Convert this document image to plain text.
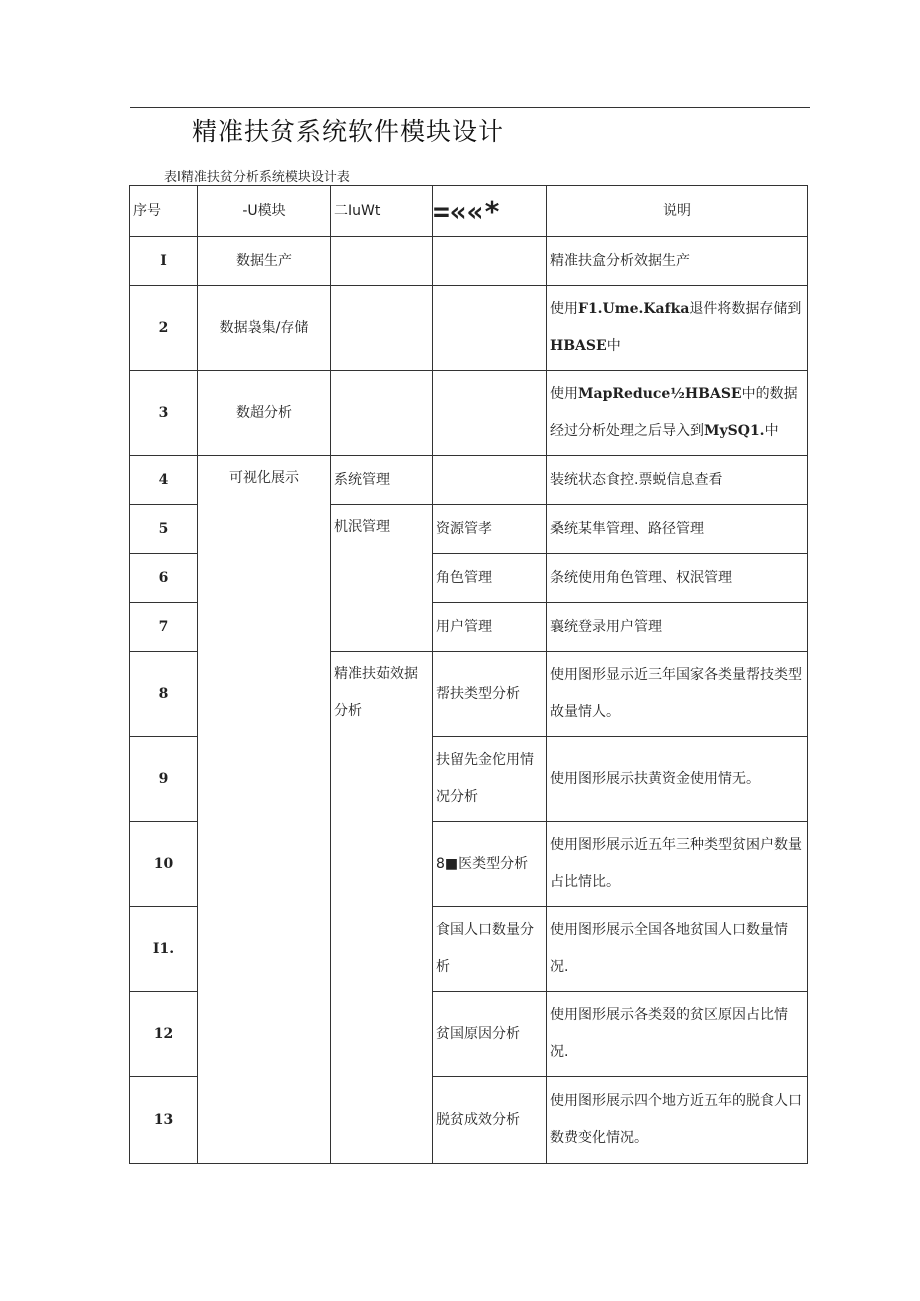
精准扶贫系统软件模块设计
表I精准扶贫分析系统模块设计表
序号	-U模块	二IuWt	=««*	说明
I	数据生产			精准扶盒分析效据生产
2	数据袅集/存储			使用F1.Ume.Kafka退件将数据存储到HBASE中
3	数超分析			使用MapReduce½HBASE中的数据经过分析处理之后导入到MySQ1.中
4	可视化展示	系统管理		装统状态食控.票蜕信息查看
5		机泯管理	资源管孝	桑统某隼管理、路径管理
6			角色管理	条统使用角色管理、权泯管理
7			用户管理	襄统登录用户管理
8		精准扶茹效据分析	帮扶类型分析	使用图形显示近三年国家各类量帮技类型故量情人。
9			扶留先金佗用情况分析	使用图形展示扶黄资金使用情无。
10			8■医类型分析	使用图形展示近五年三种类型贫困户数量占比情比。
I1.			食国人口数量分析	使用图形展示全国各地贫国人口数量情况.
12			贫国原因分析	使用图形展示各类叕的贫区原因占比情况.
13			脱贫成效分析	使用图形展示四个地方近五年的脱食人口数费变化情况。
